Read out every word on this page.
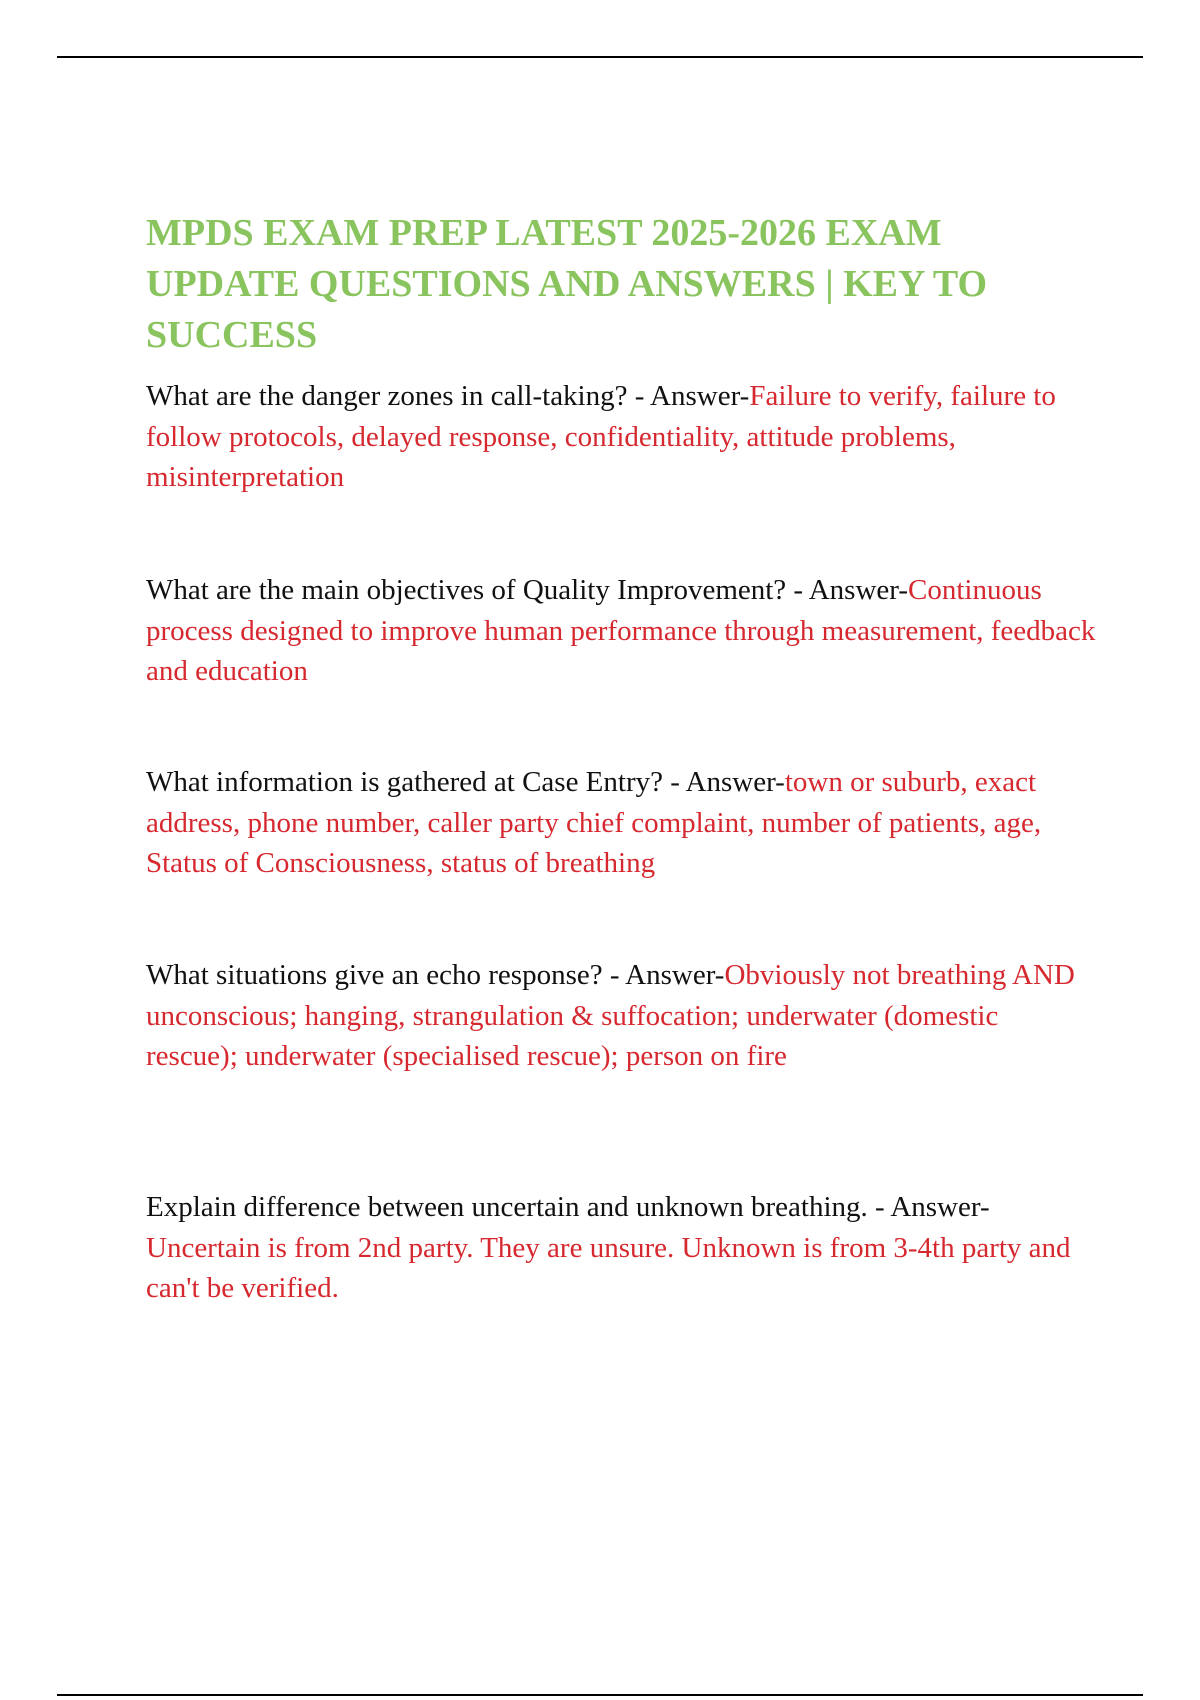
MPDS EXAM PREP LATEST 2025-2026 EXAM UPDATE QUESTIONS AND ANSWERS | KEY TO SUCCESS

What are the danger zones in call-taking? - Answer-Failure to verify, failure to follow protocols, delayed response, confidentiality, attitude problems, misinterpretation

What are the main objectives of Quality Improvement? - Answer-Continuous process designed to improve human performance through measurement, feedback and education

What information is gathered at Case Entry? - Answer-town or suburb, exact address, phone number, caller party chief complaint, number of patients, age, Status of Consciousness, status of breathing

What situations give an echo response? - Answer-Obviously not breathing AND unconscious; hanging, strangulation & suffocation; underwater (domestic rescue); underwater (specialised rescue); person on fire

Explain difference between uncertain and unknown breathing. - Answer-Uncertain is from 2nd party. They are unsure. Unknown is from 3-4th party and can't be verified.
